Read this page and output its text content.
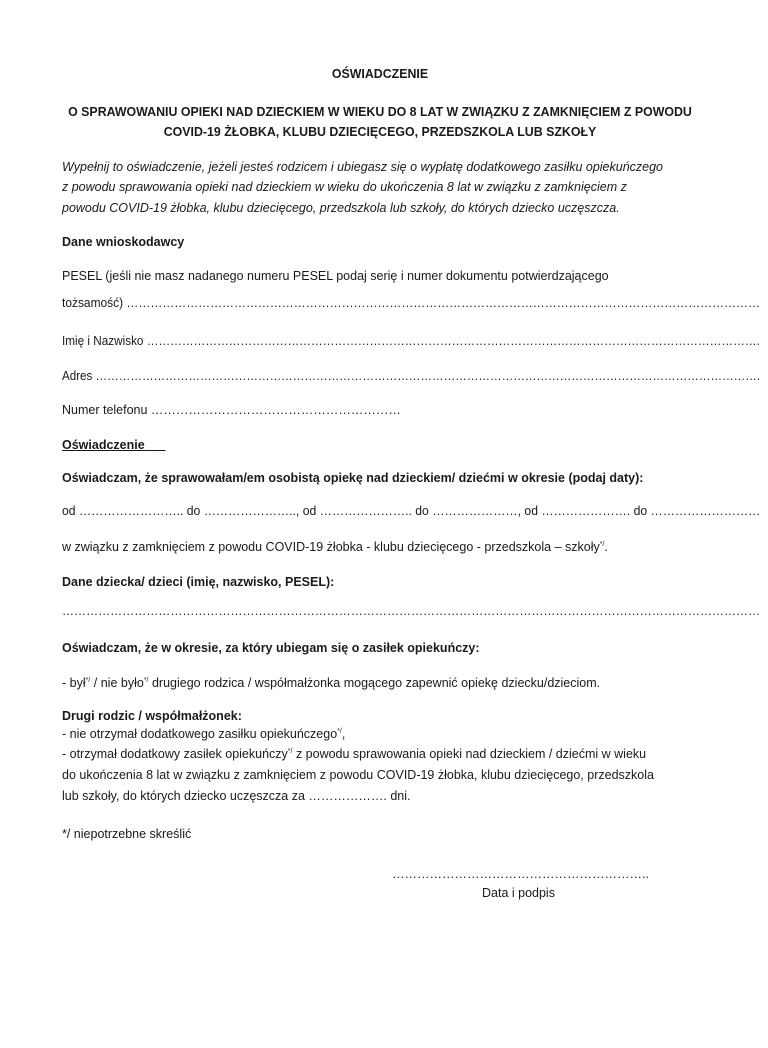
OŚWIADCZENIE
O SPRAWOWANIU OPIEKI NAD DZIECKIEM W WIEKU DO 8 LAT W ZWIĄZKU Z ZAMKNIĘCIEM Z POWODU
COVID-19 ŻŁOBKA, KLUBU DZIECIĘCEGO, PRZEDSZKOLA LUB SZKOŁY
Wypełnij to oświadczenie, jeżeli jesteś rodzicem i ubiegasz się o wypłatę dodatkowego zasiłku opiekuńczego
z powodu sprawowania opieki nad dzieckiem w wieku do ukończenia 8 lat w związku z zamknięciem z
powodu COVID-19 żłobka, klubu dziecięcego, przedszkola lub szkoły, do których dziecko uczęszcza.
Dane wnioskodawcy
PESEL (jeśli nie masz nadanego numeru PESEL podaj serię i numer dokumentu potwierdzającego
tożsamość) ……………………………………………………………………………………………………………………………………………
Imię i Nazwisko ………………………………………………………………………………………………………………………………………….
Adres ……………………………………………………………………………………………………………………………………………………….
Numer telefonu ……………………………………………………
Oświadczenie
Oświadczam, że sprawowałam/em osobistą opiekę nad dzieckiem/ dziećmi w okresie (podaj daty):
od …………………….. do ………………….., od ………………….. do …………………, od …………………. do ………………………
w związku z zamknięciem z powodu COVID-19 żłobka - klubu dziecięcego - przedszkola – szkoły*/.
Dane dziecka/ dzieci (imię, nazwisko, PESEL):
…………………………………………………………………………………………………………………………………………………………
Oświadczam, że w okresie, za który ubiegam się o zasiłek opiekuńczy:
- był*/ / nie było*/ drugiego rodzica / współmałżonka mogącego zapewnić opiekę dziecku/dzieciom.
Drugi rodzic / współmałżonek:
- nie otrzymał dodatkowego zasiłku opiekuńczego*/,
- otrzymał dodatkowy zasiłek opiekuńczy*/ z powodu sprawowania opieki nad dzieckiem / dziećmi w wieku
do ukończenia 8 lat w związku z zamknięciem z powodu COVID-19 żłobka, klubu dziecięcego, przedszkola
lub szkoły, do których dziecko uczęszcza za ………………. dni.
*/ niepotrzebne skreślić
……………………………………………………..
Data i podpis
